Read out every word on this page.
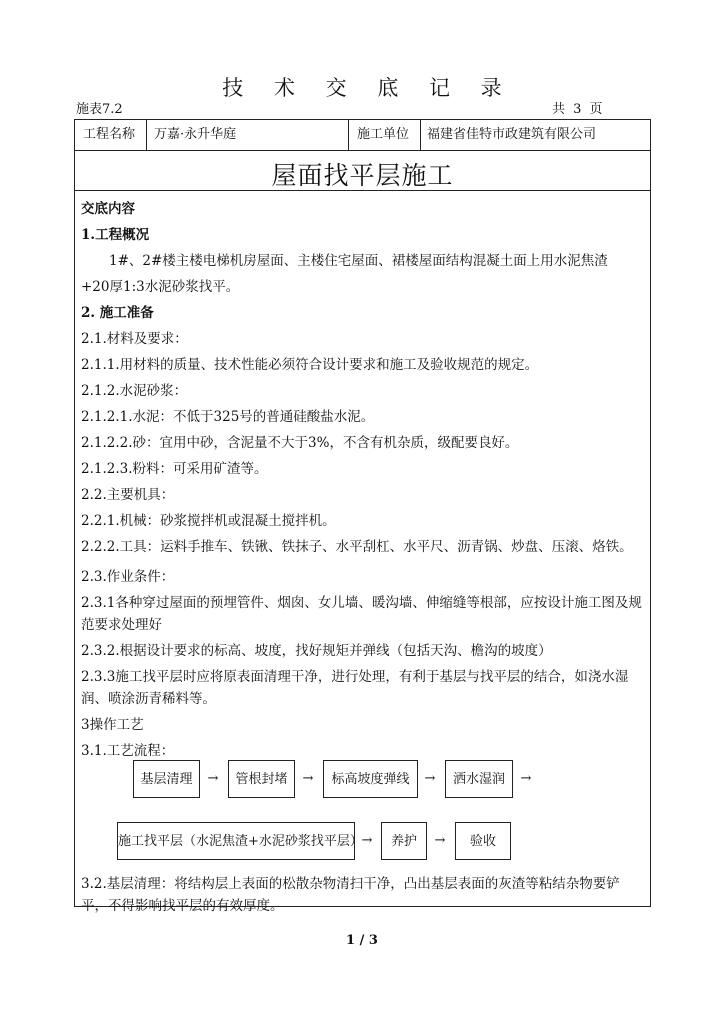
技 术 交 底 记 录
施表7.2	共 3 页
工程名称 万嘉·永升华庭	施工单位 福建省佳特市政建筑有限公司
屋面找平层施工
交底内容
1.工程概况
1#、2#楼主楼电梯机房屋面、主楼住宅屋面、裙楼屋面结构混凝土面上用水泥焦渣
+20厚1:3水泥砂浆找平。
2. 施工准备
2.1.材料及要求：
2.1.1.用材料的质量、技术性能必须符合设计要求和施工及验收规范的规定。
2.1.2.水泥砂浆：
2.1.2.1.水泥：不低于325号的普通硅酸盐水泥。
2.1.2.2.砂：宜用中砂，含泥量不大于3%，不含有机杂质，级配要良好。
2.1.2.3.粉料：可采用矿渣等。
2.2.主要机具：
2.2.1.机械：砂浆搅拌机或混凝土搅拌机。
2.2.2.工具：运料手推车、铁锹、铁抹子、水平刮杠、水平尺、沥青锅、炒盘、压滚、烙铁。
2.3.作业条件：
2.3.1各种穿过屋面的预埋管件、烟囱、女儿墙、暖沟墙、伸缩缝等根部，应按设计施工图及规范要求处理好
2.3.2.根据设计要求的标高、坡度，找好规矩并弹线（包括天沟、檐沟的坡度）
2.3.3施工找平层时应将原表面清理干净，进行处理，有利于基层与找平层的结合，如浇水湿润、喷涂沥青稀料等。
3操作工艺
3.1.工艺流程：
基层清理	→	管根封堵	→	标高坡度弹线	→	洒水湿润	→
施工找平层（水泥焦渣+水泥砂浆找平层）
→	养护	→	验收
3.2.基层清理：将结构层上表面的松散杂物清扫干净，凸出基层表面的灰渣等粘结杂物要铲平，不得影响找平层的有效厚度。
1 / 3
